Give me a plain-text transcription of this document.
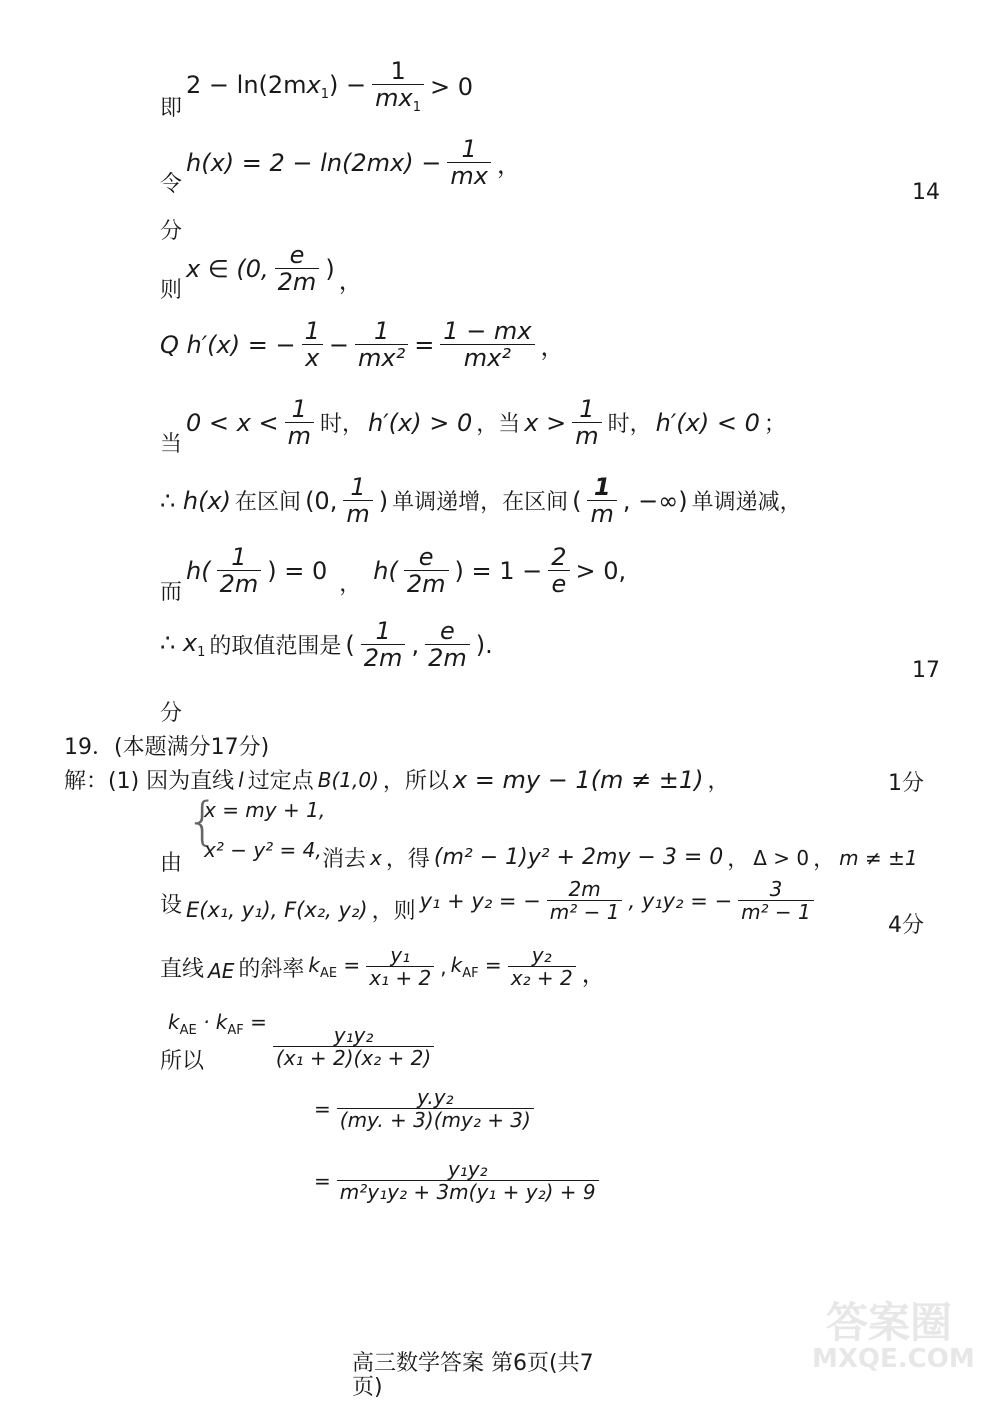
即
$2 - \ln(2mx_1) - \frac{1}{mx_1} > 0$
令
$h(x) = 2 - \ln(2mx) - \frac{1}{mx}$ ，
14
分
则
x ∈ (0, $\frac{e}{2m}$ ) ，
Q h′(x) = − $\frac{1}{x} - \frac{1}{\text{mx²}} = \frac{1 - mx}{\text{mx²}}$ ，
当
$0 < x < \frac{1}{m}$ 时， h′(x) > 0 ，当 $x > \frac{1}{m}$ 时， h′(x) < 0 ；
∴ h(x) 在区间 (0, $\frac{1}{m}$ ) 单调递增，在区间 ( $\frac{1}{m}$ , −∞) 单调递减，
而
$h( \frac{1}{2m}$ ) = 0 ， $h( \frac{e}{2m}$ ) = $1 - \frac{2}{e} > 0$,
∴ $x_1$ 的取值范围是 ( $\frac{1}{2m}$ , $\frac{e}{2m}$ ).
17
分
19．(本题满分17分)
解：(1) 因为直线 l 过定点 B(1,0) ，所以 x = my − 1(m ≠ ±1) ，	1分
{
x = my + 1,
x² − y² = 4,
由	消去 x ，得 (m² − 1)y² + 2my − 3 = 0 ， Δ > 0 ， m ≠ ±1
设 E(x₁, y₁), F(x₂, y₂) ，则 y₁ + y₂ = − $\frac{2m}{\text{m² − 1}}$ , y₁y₂ = − $\frac{3}{\text{m² − 1}}$
4分
直线 AE 的斜率 $k_{AE} = \frac{\text{y₁}}{\text{x₁ + 2}}$ , $k_{AF} = \frac{\text{y₂}}{\text{x₂ + 2}}$ ，
所以
$k_{AE} \cdot k_{AF}$ =
$\frac{\text{y₁y₂}}{\text{(x₁ + 2)(x₂ + 2)}}$
= $\frac{\text{y.y₂}}{\text{(my. + 3)(my₂ + 3)}}$
= $\frac{\text{y₁y₂}}{\text{m²y₁y₂ + 3m(y₁ + y₂) + 9}}$
高三数学答案 第6页(共7
页)
答案圈
MXQE.COM
